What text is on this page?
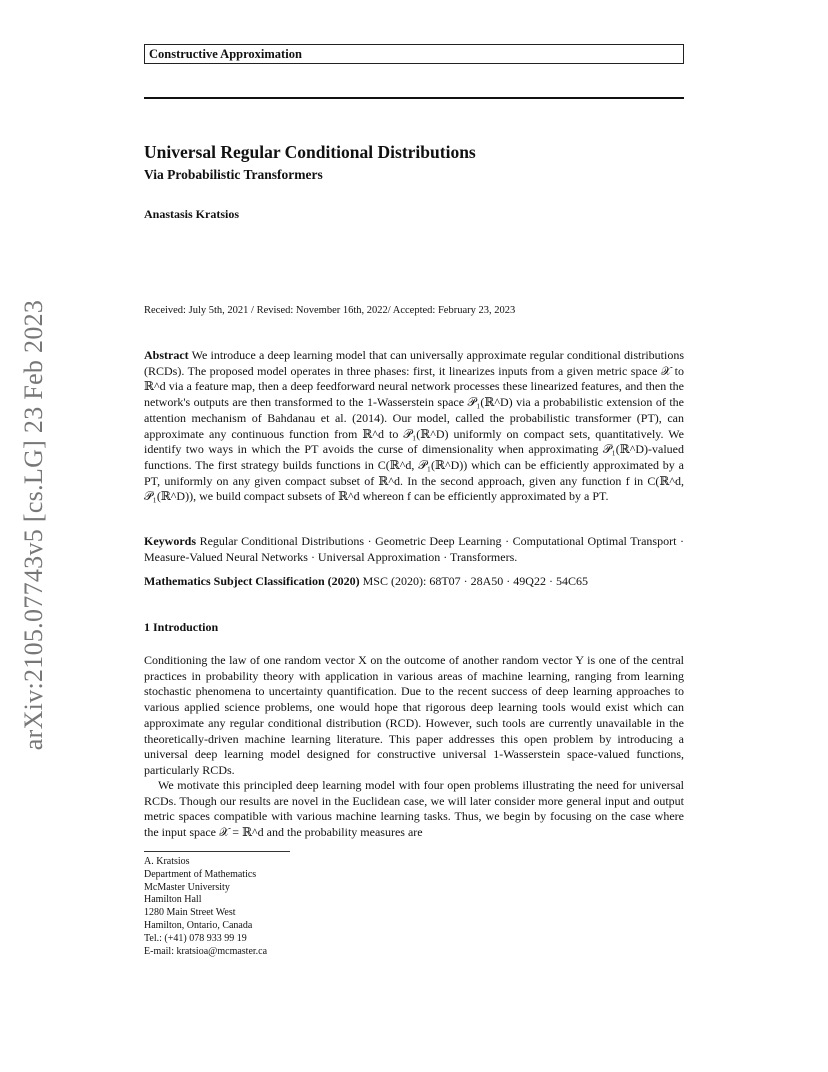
arXiv:2105.07743v5 [cs.LG] 23 Feb 2023
Constructive Approximation
Universal Regular Conditional Distributions
Via Probabilistic Transformers
Anastasis Kratsios
Received: July 5th, 2021 / Revised: November 16th, 2022/ Accepted: February 23, 2023
Abstract We introduce a deep learning model that can universally approximate regular conditional distributions (RCDs). The proposed model operates in three phases: first, it linearizes inputs from a given metric space 𝒳 to ℝ^d via a feature map, then a deep feedforward neural network processes these linearized features, and then the network's outputs are then transformed to the 1-Wasserstein space 𝒫₁(ℝ^D) via a probabilistic extension of the attention mechanism of Bahdanau et al. (2014). Our model, called the probabilistic transformer (PT), can approximate any continuous function from ℝ^d to 𝒫₁(ℝ^D) uniformly on compact sets, quantitatively. We identify two ways in which the PT avoids the curse of dimensionality when approximating 𝒫₁(ℝ^D)-valued functions. The first strategy builds functions in C(ℝ^d, 𝒫₁(ℝ^D)) which can be efficiently approximated by a PT, uniformly on any given compact subset of ℝ^d. In the second approach, given any function f in C(ℝ^d, 𝒫₁(ℝ^D)), we build compact subsets of ℝ^d whereon f can be efficiently approximated by a PT.
Keywords Regular Conditional Distributions · Geometric Deep Learning · Computational Optimal Transport · Measure-Valued Neural Networks · Universal Approximation · Transformers.
Mathematics Subject Classification (2020) MSC (2020): 68T07 · 28A50 · 49Q22 · 54C65
1 Introduction
Conditioning the law of one random vector X on the outcome of another random vector Y is one of the central practices in probability theory with application in various areas of machine learning, ranging from learning stochastic phenomena to uncertainty quantification. Due to the recent success of deep learning approaches to various applied science problems, one would hope that rigorous deep learning tools would exist which can approximate any regular conditional distribution (RCD). However, such tools are currently unavailable in the theoretically-driven machine learning literature. This paper addresses this open problem by introducing a universal deep learning model designed for constructive universal 1-Wasserstein space-valued functions, particularly RCDs.
We motivate this principled deep learning model with four open problems illustrating the need for universal RCDs. Though our results are novel in the Euclidean case, we will later consider more general input and output metric spaces compatible with various machine learning tasks. Thus, we begin by focusing on the case where the input space 𝒳 = ℝ^d and the probability measures are
A. Kratsios
Department of Mathematics
McMaster University
Hamilton Hall
1280 Main Street West
Hamilton, Ontario, Canada
Tel.: (+41) 078 933 99 19
E-mail: kratsioa@mcmaster.ca
